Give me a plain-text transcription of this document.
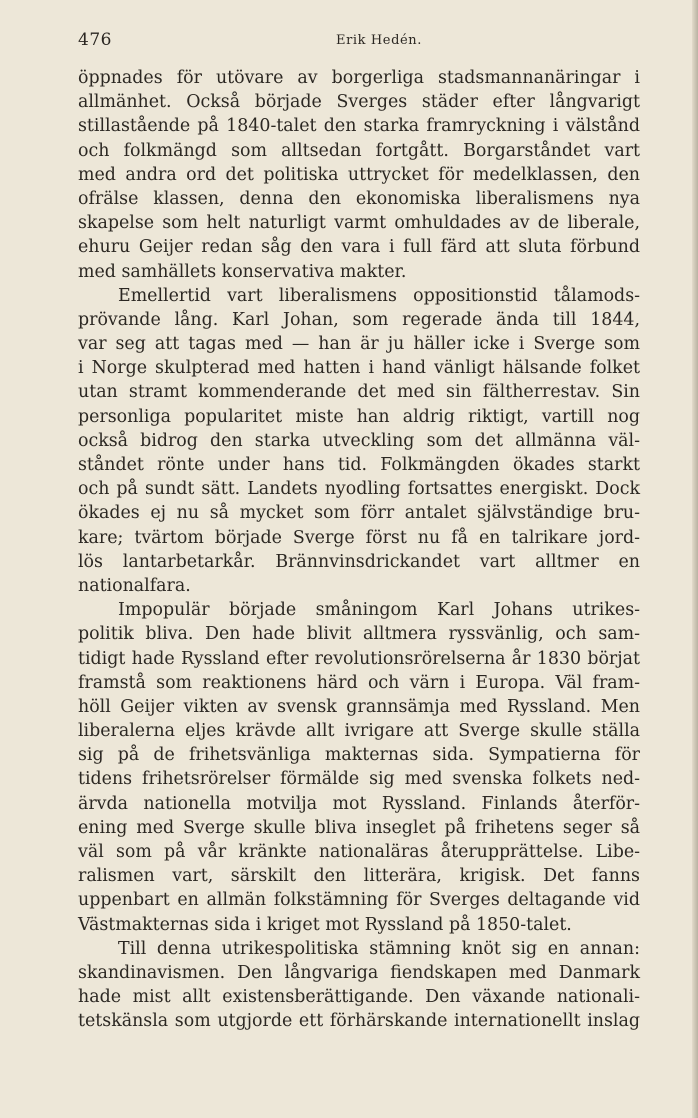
476	Erik Hedén.
öppnades för utövare av borgerliga stadsmannanäringar i
allmänhet. Också började Sverges städer efter långvarigt
stillastående på 1840-talet den starka framryckning i välstånd
och folkmängd som alltsedan fortgått. Borgarståndet vart
med andra ord det politiska uttrycket för medelklassen, den
ofrälse klassen, denna den ekonomiska liberalismens nya
skapelse som helt naturligt varmt omhuldades av de liberale,
ehuru Geijer redan såg den vara i full färd att sluta förbund
med samhällets konservativa makter.
Emellertid vart liberalismens oppositionstid tålamods-
prövande lång. Karl Johan, som regerade ända till 1844,
var seg att tagas med — han är ju häller icke i Sverge som
i Norge skulpterad med hatten i hand vänligt hälsande folket
utan stramt kommenderande det med sin fältherrestav. Sin
personliga popularitet miste han aldrig riktigt, vartill nog
också bidrog den starka utveckling som det allmänna väl-
ståndet rönte under hans tid. Folkmängden ökades starkt
och på sundt sätt. Landets nyodling fortsattes energiskt. Dock
ökades ej nu så mycket som förr antalet självständige bru-
kare; tvärtom började Sverge först nu få en talrikare jord-
lös lantarbetarkår. Brännvinsdrickandet vart alltmer en
nationalfara.
Impopulär började småningom Karl Johans utrikes-
politik bliva. Den hade blivit alltmera ryssvänlig, och sam-
tidigt hade Ryssland efter revolutionsrörelserna år 1830 börjat
framstå som reaktionens härd och värn i Europa. Väl fram-
höll Geijer vikten av svensk grannsämja med Ryssland. Men
liberalerna eljes krävde allt ivrigare att Sverge skulle ställa
sig på de frihetsvänliga makternas sida. Sympatierna för
tidens frihetsrörelser förmälde sig med svenska folkets ned-
ärvda nationella motvilja mot Ryssland. Finlands återför-
ening med Sverge skulle bliva inseglet på frihetens seger så
väl som på vår kränkte nationaläras återupprättelse. Libe-
ralismen vart, särskilt den litterära, krigisk. Det fanns
uppenbart en allmän folkstämning för Sverges deltagande vid
Västmakternas sida i kriget mot Ryssland på 1850-talet.
Till denna utrikespolitiska stämning knöt sig en annan:
skandinavismen. Den långvariga fiendskapen med Danmark
hade mist allt existensberättigande. Den växande nationali-
tetskänsla som utgjorde ett förhärskande internationellt inslag
